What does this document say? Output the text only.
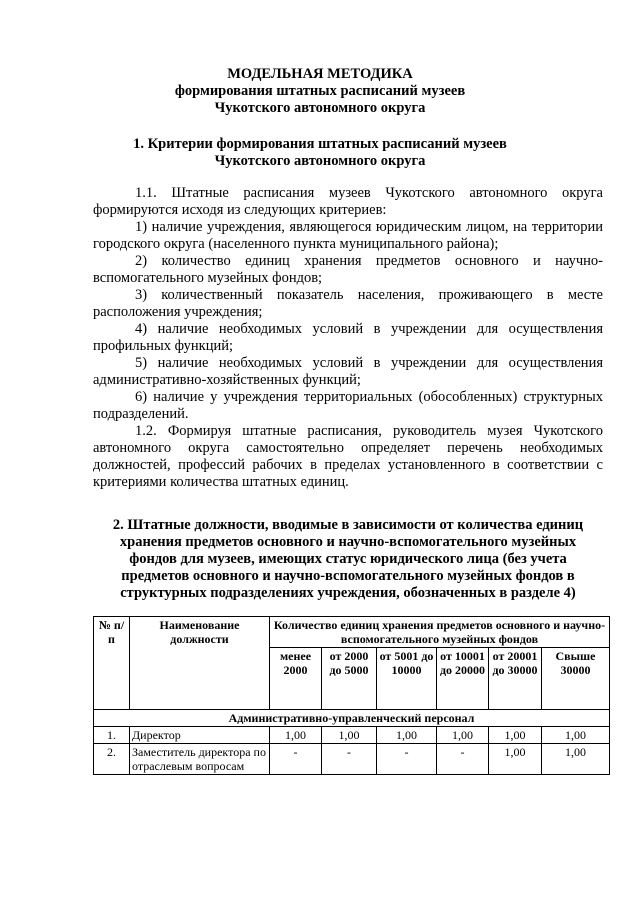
МОДЕЛЬНАЯ МЕТОДИКА
формирования штатных расписаний музеев
Чукотского автономного округа
1. Критерии формирования штатных расписаний музеев
Чукотского автономного округа
1.1. Штатные расписания музеев Чукотского автономного округа формируются исходя из следующих критериев:
1) наличие учреждения, являющегося юридическим лицом, на территории городского округа (населенного пункта муниципального района);
2) количество единиц хранения предметов основного и научно-вспомогательного музейных фондов;
3) количественный показатель населения, проживающего в месте расположения учреждения;
4) наличие необходимых условий в учреждении для осуществления профильных функций;
5) наличие необходимых условий в учреждении для осуществления административно-хозяйственных функций;
6) наличие у учреждения территориальных (обособленных) структурных подразделений.
1.2. Формируя штатные расписания, руководитель музея Чукотского автономного округа самостоятельно определяет перечень необходимых должностей, профессий рабочих в пределах установленного в соответствии с критериями количества штатных единиц.
2. Штатные должности, вводимые в зависимости от количества единиц
хранения предметов основного и научно-вспомогательного музейных
фондов для музеев, имеющих статус юридического лица (без учета
предметов основного и научно-вспомогательного музейных фондов в
структурных подразделениях учреждения, обозначенных в разделе 4)
№ п/п	Наименование должности	Количество единиц хранения предметов основного и научно-вспомогательного музейных фондов					
		менее 2000	от 2000 до 5000	от 5001 до 10000	от 10001 до 20000	от 20001 до 30000	Свыше 30000
Административно-управленческий персонал							
1.	Директор	1,00	1,00	1,00	1,00	1,00	1,00
2.	Заместитель директора по отраслевым вопросам	-	-	-	-	1,00	1,00
